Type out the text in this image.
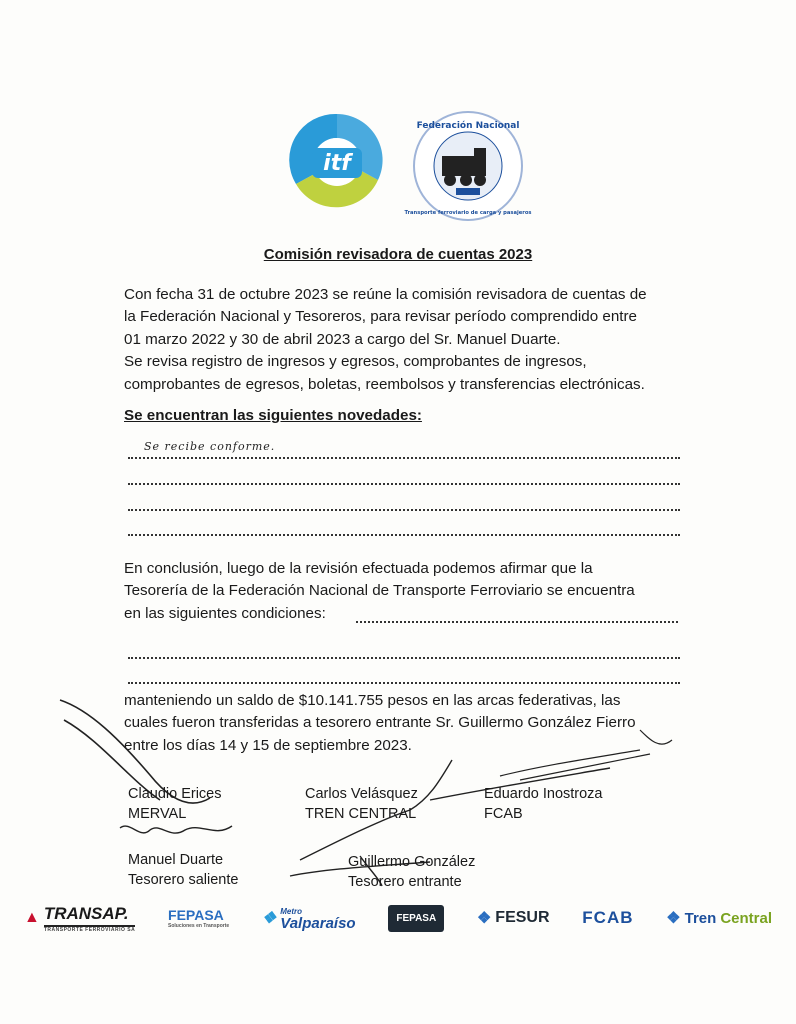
itf
Federación Nacional
Transporte ferroviario de carga y pasajeros
Comisión revisadora de cuentas 2023
Con fecha 31 de octubre 2023 se reúne la comisión revisadora de cuentas de
la Federación Nacional y Tesoreros, para revisar período comprendido entre
01 marzo 2022 y 30 de abril 2023 a cargo del Sr. Manuel Duarte.
Se revisa registro de ingresos y egresos, comprobantes de ingresos,
comprobantes de egresos, boletas, reembolsos y transferencias electrónicas.
Se encuentran las siguientes novedades:
Se recibe conforme.
En conclusión, luego de la revisión efectuada podemos afirmar que la
Tesorería de la Federación Nacional de Transporte Ferroviario se encuentra
en las siguientes condiciones:
manteniendo un saldo de $10.141.755 pesos en las arcas federativas, las
cuales fueron transferidas a tesorero entrante Sr. Guillermo González Fierro
entre los días 14 y 15 de septiembre 2023.
Claudio Erices
MERVAL
Carlos Velásquez
TREN CENTRAL
Eduardo Inostroza
FCAB
Manuel Duarte
Tesorero saliente
Guillermo González
Tesorero entrante
▲ TRANSAP.
TRANSPORTE FERROVIARIO SA
FEPASA
Soluciones en Transporte ❖ Metro
Valparaíso	FEPASA	❖ FESUR FCAB ❖ Tren Central
